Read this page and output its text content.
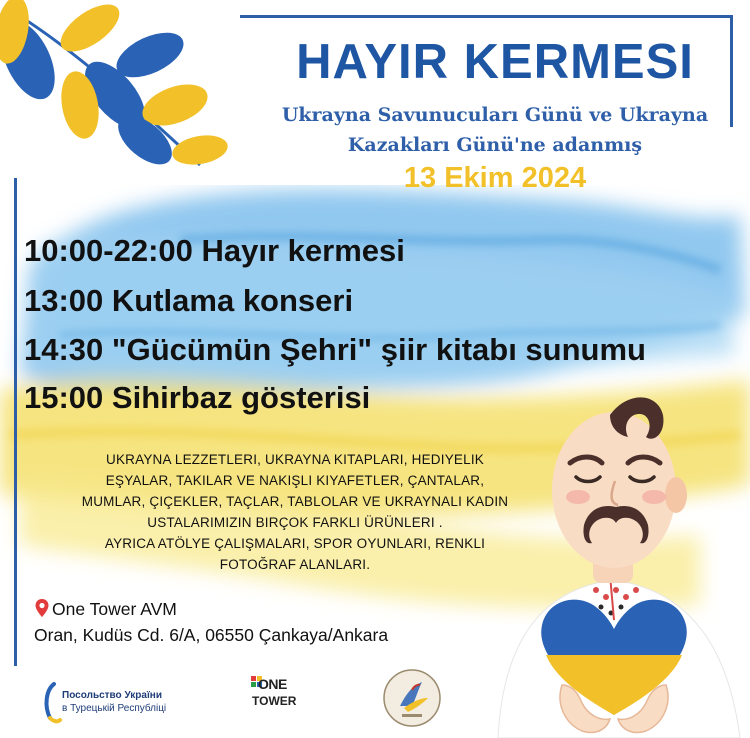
HAYIR KERMESI
Ukrayna Savunucuları Günü ve Ukrayna
Kazakları Günü'ne adanmış
13 Ekim 2024
10:00-22:00 Hayır kermesi
13:00 Kutlama konseri
14:30 "Gücümün Şehri" şiir kitabı sunumu
15:00 Sihirbaz gösterisi
UKRAYNA LEZZETLERI, UKRAYNA KITAPLARI, HEDIYELIK
EŞYALAR, TAKILAR VE NAKIŞLI KIYAFETLER, ÇANTALAR,
MUMLAR, ÇIÇEKLER, TAÇLAR, TABLOLAR VE UKRAYNALI KADIN
USTALARIMIZIN BIRÇOK FARKLI ÜRÜNLERI .
AYRICA ATÖLYE ÇALIŞMALARI, SPOR OYUNLARI, RENKLI
FOTOĞRAF ALANLARI.
One Tower AVM
Oran, Kudüs Cd. 6/A, 06550 Çankaya/Ankara
Посольство України
в Турецькій Республіці
ONE
TOWER
